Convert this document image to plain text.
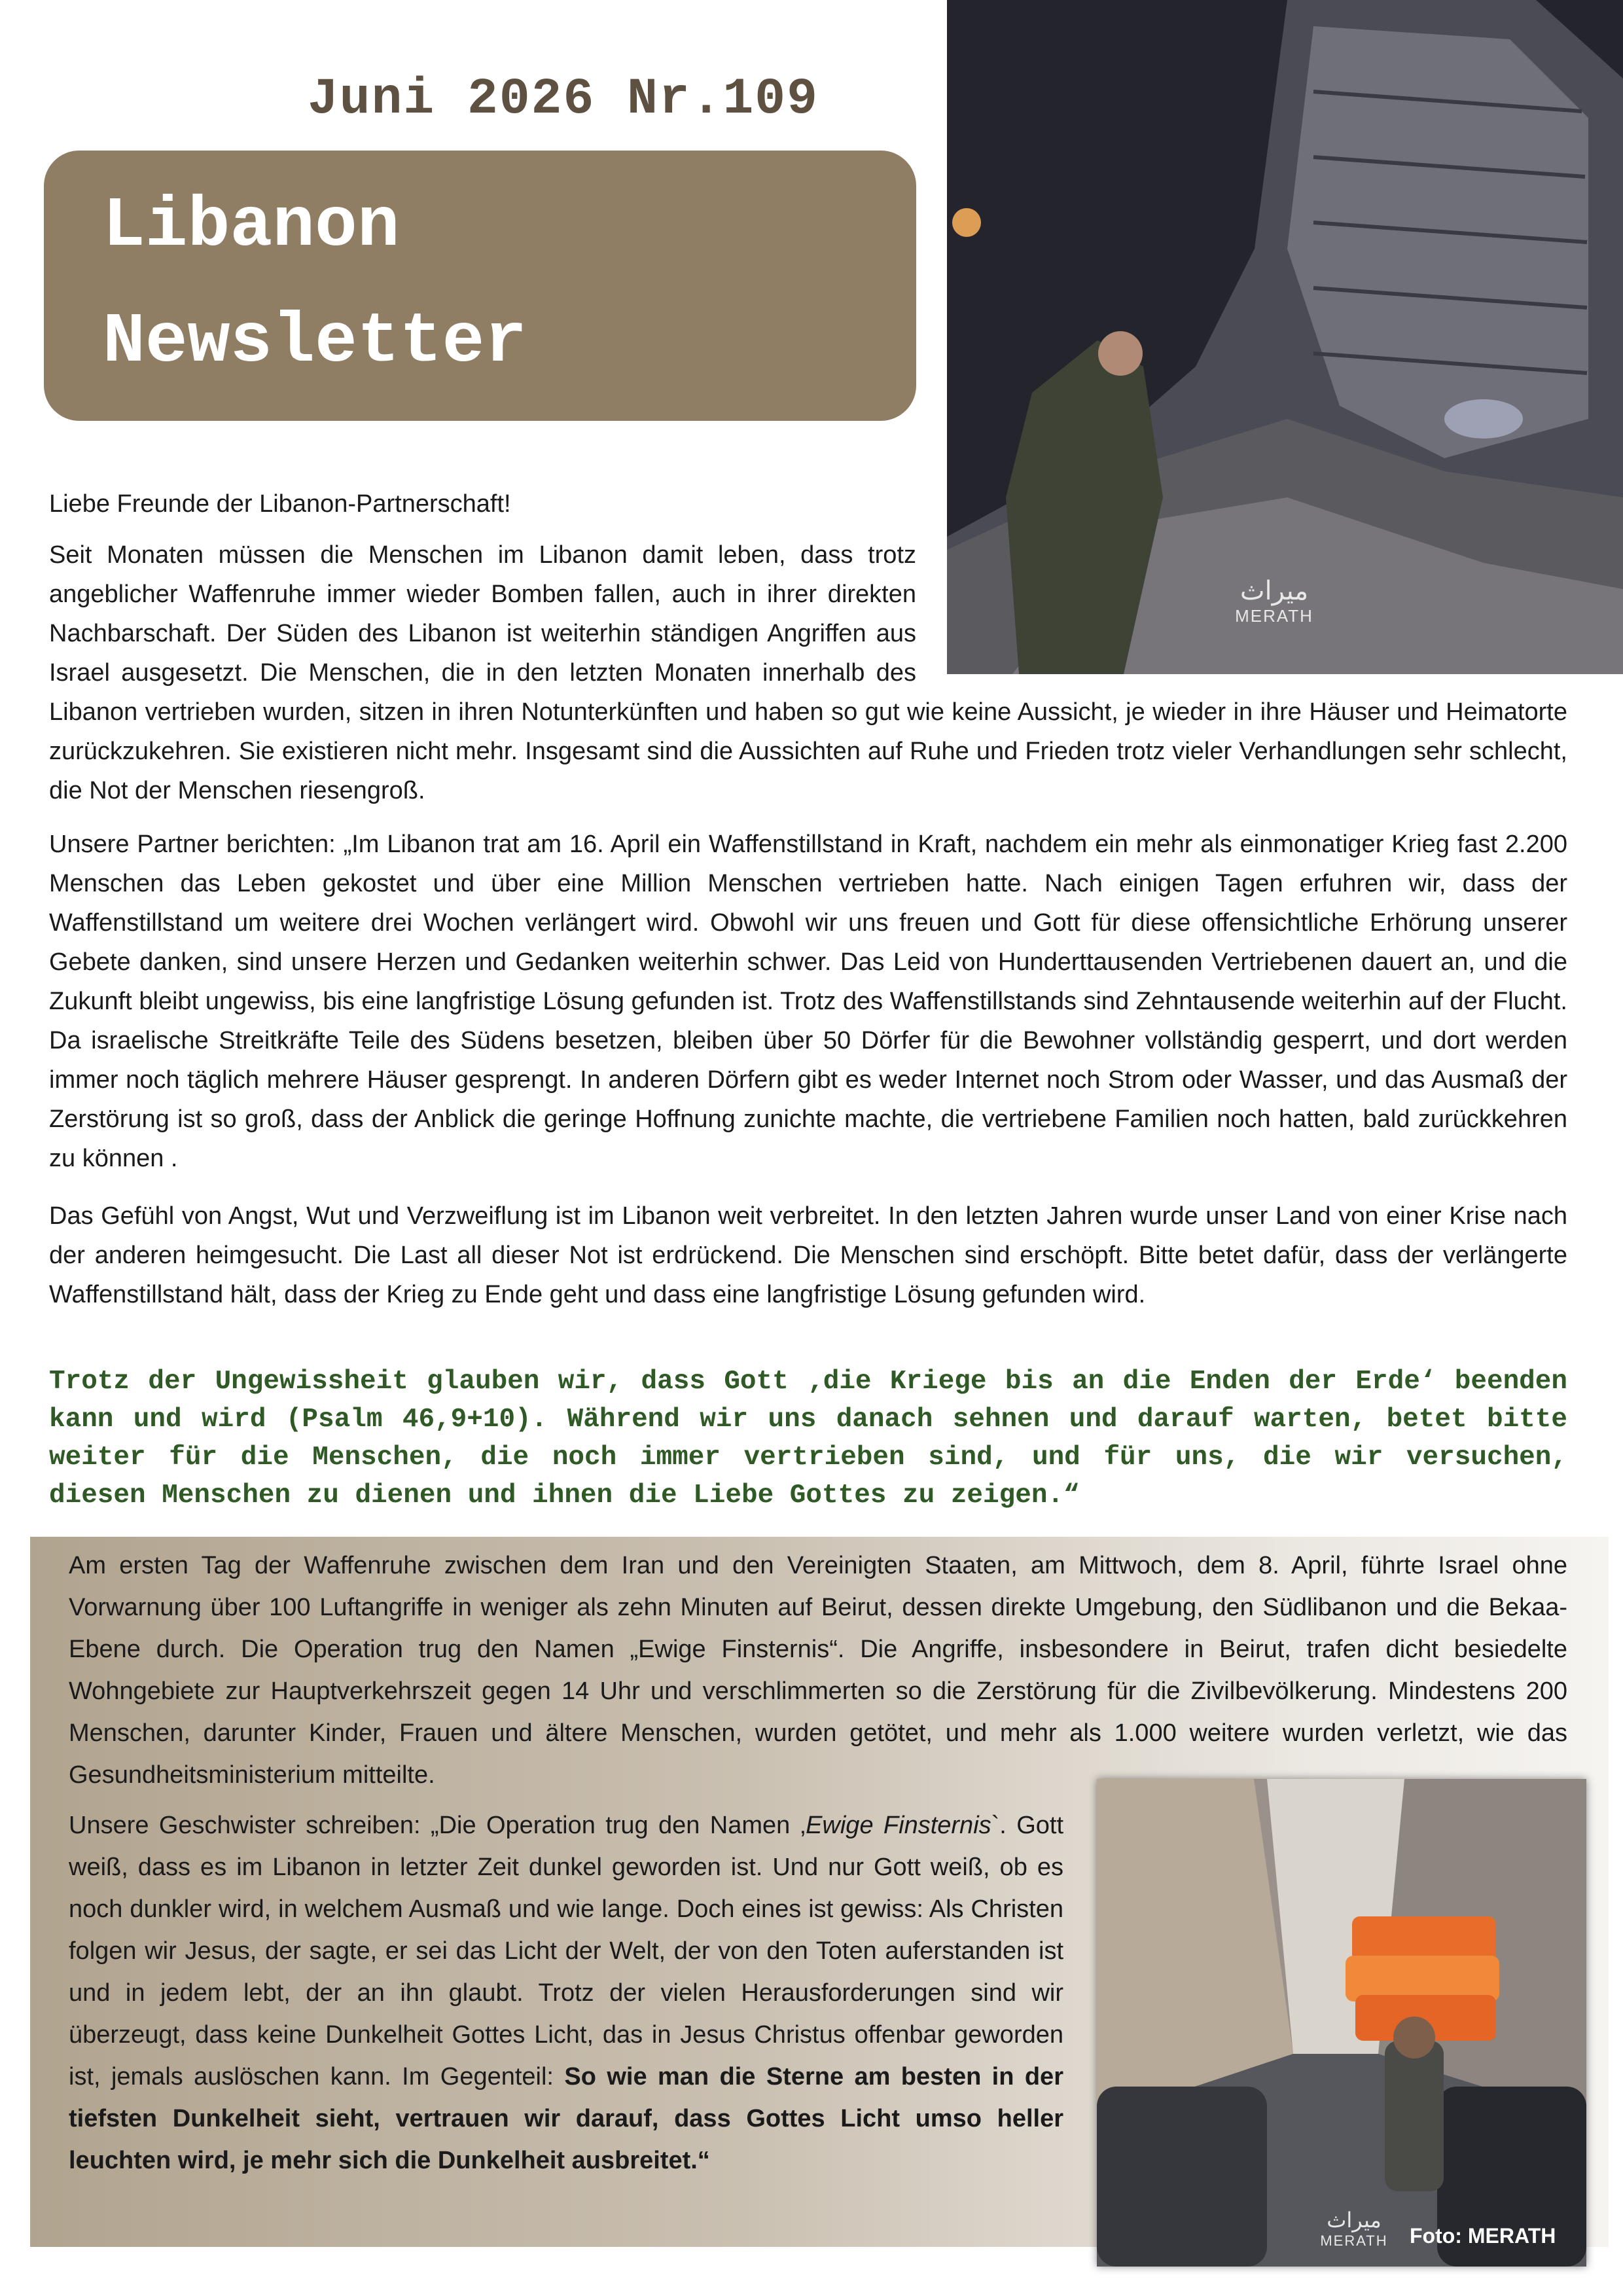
Juni 2026 Nr.109
Libanon
Newsletter
ميراث
MERATH

Liebe Freunde der Libanon-Partnerschaft!

Seit Monaten müssen die Menschen im Libanon damit leben, dass trotz angeblicher Waffenruhe immer wieder Bomben fallen, auch in ihrer direkten Nachbarschaft. Der Süden des Libanon ist weiterhin ständigen Angriffen aus Israel ausgesetzt. Die Menschen, die in den letzten Monaten innerhalb des Libanon vertrieben wurden, sitzen in ihren Notunterkünften und haben so gut wie keine Aussicht, je wieder in ihre Häuser und Heimatorte zurückzukehren. Sie existieren nicht mehr. Insgesamt sind die Aussichten auf Ruhe und Frieden trotz vieler Verhandlungen sehr schlecht, die Not der Menschen riesengroß.

Unsere Partner berichten: „Im Libanon trat am 16. April ein Waffenstillstand in Kraft, nachdem ein mehr als einmonatiger Krieg fast 2.200 Menschen das Leben gekostet und über eine Million Menschen vertrieben hatte. Nach einigen Tagen erfuhren wir, dass der Waffenstillstand um weitere drei Wochen verlängert wird. Obwohl wir uns freuen und Gott für diese offensichtliche Erhörung unserer Gebete danken, sind unsere Herzen und Gedanken weiterhin schwer. Das Leid von Hunderttausenden Vertriebenen dauert an, und die Zukunft bleibt ungewiss, bis eine langfristige Lösung gefunden ist. Trotz des Waffenstillstands sind Zehntausende weiterhin auf der Flucht. Da israelische Streitkräfte Teile des Südens besetzen, bleiben über 50 Dörfer für die Bewohner vollständig gesperrt, und dort werden immer noch täglich mehrere Häuser gesprengt. In anderen Dörfern gibt es weder Internet noch Strom oder Wasser, und das Ausmaß der Zerstörung ist so groß, dass der Anblick die geringe Hoffnung zunichte machte, die vertriebene Familien noch hatten, bald zurückkehren zu können .

Das Gefühl von Angst, Wut und Verzweiflung ist im Libanon weit verbreitet. In den letzten Jahren wurde unser Land von einer Krise nach der anderen heimgesucht. Die Last all dieser Not ist erdrückend. Die Menschen sind erschöpft. Bitte betet dafür, dass der verlängerte Waffenstillstand hält, dass der Krieg zu Ende geht und dass eine langfristige Lösung gefunden wird.

Trotz der Ungewissheit glauben wir, dass Gott ‚die Kriege bis an die Enden der Erde‘ beenden kann und wird (Psalm 46,9+10). Während wir uns danach sehnen und darauf warten, betet bitte weiter für die Menschen, die noch immer vertrieben sind, und für uns, die wir versuchen, diesen Menschen zu dienen und ihnen die Liebe Gottes zu zeigen.“

Am ersten Tag der Waffenruhe zwischen dem Iran und den Vereinigten Staaten, am Mittwoch, dem 8. April, führte Israel ohne Vorwarnung über 100 Luftangriffe in weniger als zehn Minuten auf Beirut, dessen direkte Umgebung, den Südlibanon und die Bekaa-Ebene durch. Die Operation trug den Namen „Ewige Finsternis“. Die Angriffe, insbesondere in Beirut, trafen dicht besiedelte Wohngebiete zur Hauptverkehrszeit gegen 14 Uhr und verschlimmerten so die Zerstörung für die Zivilbevölkerung. Mindestens 200 Menschen, darunter Kinder, Frauen und ältere Menschen, wurden getötet, und mehr als 1.000 weitere wurden verletzt, wie das Gesundheitsministerium mitteilte.

Unsere Geschwister schreiben: „Die Operation trug den Namen ‚Ewige Finsternis`. Gott weiß, dass es im Libanon in letzter Zeit dunkel geworden ist. Und nur Gott weiß, ob es noch dunkler wird, in welchem Ausmaß und wie lange. Doch eines ist gewiss: Als Christen folgen wir Jesus, der sagte, er sei das Licht der Welt, der von den Toten auferstanden ist und in jedem lebt, der an ihn glaubt. Trotz der vielen Herausforderungen sind wir überzeugt, dass keine Dunkelheit Gottes Licht, das in Jesus Christus offenbar geworden ist, jemals auslöschen kann. Im Gegenteil: So wie man die Sterne am besten in der tiefsten Dunkelheit sieht, vertrauen wir darauf, dass Gottes Licht umso heller leuchten wird, je mehr sich die Dunkelheit ausbreitet.“

ميراث
MERATH Foto: MERATH
